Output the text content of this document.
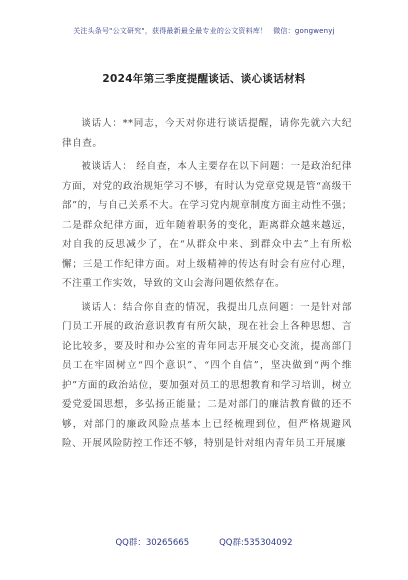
关注头条号"公文研究"，获得最新最全最专业的公文资料库！ 微信：gongwenyj
2024年第三季度提醒谈话、谈心谈话材料

谈话人：**同志，今天对你进行谈话提醒，请你先就六大纪律自查。

被谈话人： 经自查，本人主要存在以下问题：一是政治纪律方面，对党的政治规矩学习不够，有时认为党章党规是管“高级干部”的，与自己关系不大。在学习党内规章制度方面主动性不强；二是群众纪律方面，近年随着职务的变化，距离群众越来越远，对自我的反思减少了，在“从群众中来、到群众中去”上有所松懈；三是工作纪律方面。对上级精神的传达有时会有应付心理，不注重工作实效，导致的文山会海问题依然存在。

谈话人：结合你自查的情况，我提出几点问题：一是针对部门员工开展的政治意识教育有所欠缺，现在社会上各种思想、言论比较多，要及时和办公室的青年同志开展交心交流，提高部门员工在牢固树立“四个意识”、“四个自信”，坚决做到“两个维护”方面的政治站位，要加强对员工的思想教育和学习培训，树立爱党爱国思想，多弘扬正能量；二是对部门的廉洁教育做的还不够，对部门的廉政风险点基本上已经梳理到位，但严格规避风险、开展风险防控工作还不够，特别是针对组内青年员工开展廉

QQ群：30265665	QQ群:535304092
